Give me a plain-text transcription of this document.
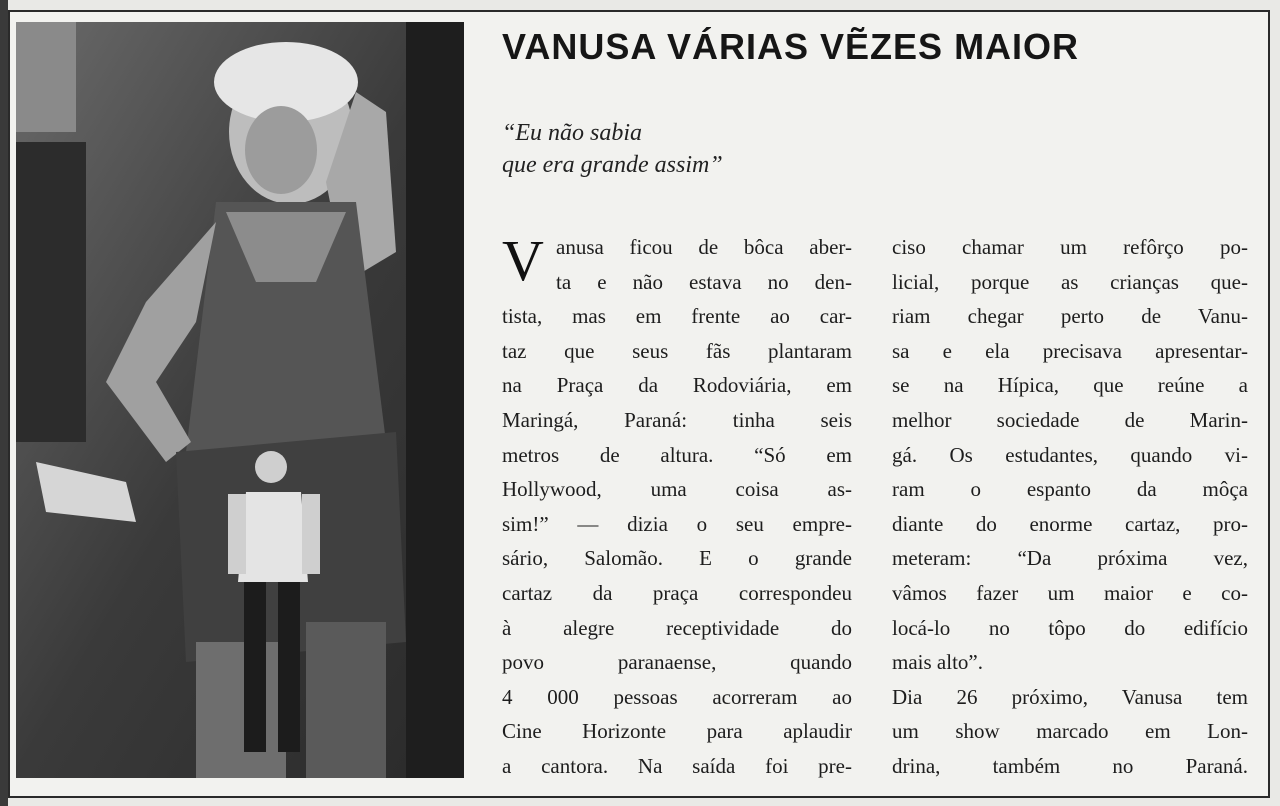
VANUSA VÁRIAS VẼZES MAIOR
“Eu não sabia
que era grande assim”
V anusa ficou de bôca aber-
ta e não estava no den-
tista, mas em frente ao car-
taz que seus fãs plantaram
na Praça da Rodoviária, em
Maringá, Paraná: tinha seis
metros de altura. “Só em
Hollywood, uma coisa as-
sim!” — dizia o seu empre-
sário, Salomão. E o grande
cartaz da praça correspondeu
à alegre receptividade do
povo paranaense, quando
4 000 pessoas acorreram ao
Cine Horizonte para aplaudir
a cantora. Na saída foi pre-
ciso chamar um refôrço po-
licial, porque as crianças que-
riam chegar perto de Vanu-
sa e ela precisava apresentar-
se na Hípica, que reúne a
melhor sociedade de Marin-
gá. Os estudantes, quando vi-
ram o espanto da môça
diante do enorme cartaz, pro-
meteram: “Da próxima vez,
vâmos fazer um maior e co-
locá-lo no tôpo do edifício
mais alto”.
Dia 26 próximo, Vanusa tem
um show marcado em Lon-
drina, também no Paraná.
